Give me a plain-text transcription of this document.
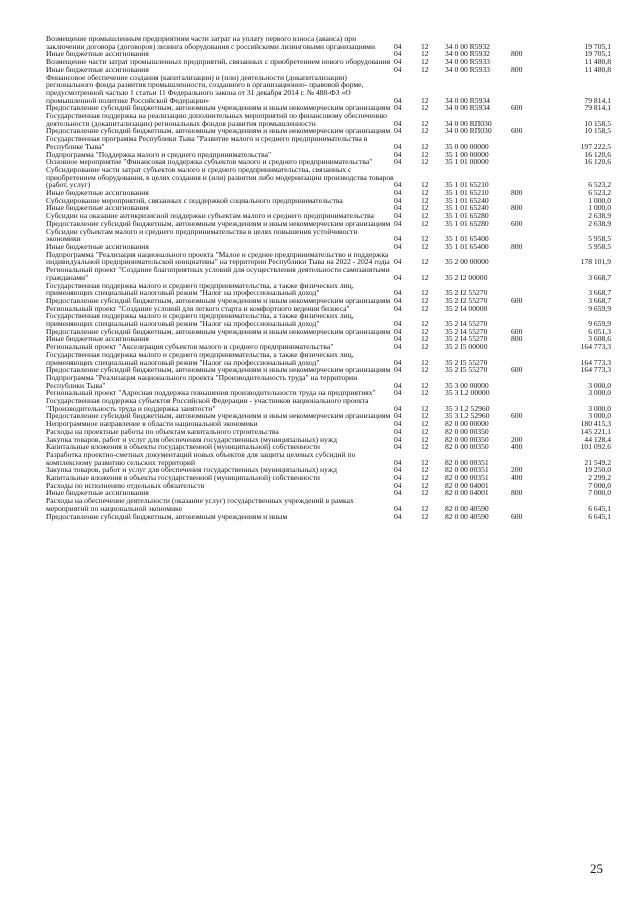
Возмещение промышленным предприятиям части затрат на уплату первого взноса (аванса) при заключении договора (договоров) лизинга оборудования с российскими лизинговыми организациями	04	12	34 0 00 R5932	19 705,1
Иные бюджетные ассигнования	04	12	34 0 00 R5932	800	19 705,1
Возмещение части затрат промышленных предприятий, связанных с приобретением нового оборудования 04	12	34 0 00 R5933	11 480,8
Иные бюджетные ассигнования	04	12	34 0 00 R5933	800	11 480,8
Финансовое обеспечение создания (капитализации) и (или) деятельности (докапитализации) регионального фонда развития промышленности, созданного в организационно- правовой форме, предусмотренной частью 1 статьи 11 Федерального закона от 31 декабря 2014 г. № 488-ФЗ «О промышленной политике Российской Федерации»	04	12	34 0 00 R5934	79 814,1
Предоставление субсидий бюджетным, автономным учреждениям и иным некоммерческим организациям 04	12	34 0 00 R5934	600	79 814,1
Государственная поддержка на реализацию дополнительных мероприятий по финансовому обеспечению деятельности (докапитализации) региональных фондов развития промышленности	04	12	34 0 00 RП030	10 158,5
Предоставление субсидий бюджетным, автономным учреждениям и иным некоммерческим организациям 04	12	34 0 00 RП030	600	10 158,5
Государственная программа Республики Тыва "Развитие малого и среднего предпринимательства в Республике Тыва"	04	12	35 0 00 00000	197 222,5
Подпрограмма "Поддержка малого и среднего предпринимательства"	04	12	35 1 00 00000	16 120,6
Основное мероприятие "Финансовая поддержка субъектов малого и среднего предпринимательства"	04	12	35 1 01 00000	16 120,6
Субсидирование части затрат субъектов малого и среднего предпринимательства, связанных с приобретением оборудования, в целях создания и (или) развития либо модернизации производства товаров (работ, услуг)	04	12	35 1 01 65210	6 523,2
Иные бюджетные ассигнования	04	12	35 1 01 65210	800	6 523,2
Субсидирование мероприятий, связанных с поддержкой социального предпринимательства	04	12	35 1 01 65240	1 000,0
Иные бюджетные ассигнования	04	12	35 1 01 65240	800	1 000,0
Субсидии на оказание антикризисной поддержки субъектам малого и среднего предпринимательства	04	12	35 1 01 65280	2 638,9
Предоставление субсидий бюджетным, автономным учреждениям и иным некоммерческим организациям 04	12	35 1 01 65280	600	2 638,9
Субсидии субъектам малого и среднего предпринимательства в целях повышения устойчивости экономики	04	12	35 1 01 65400	5 958,5
Иные бюджетные ассигнования	04	12	35 1 01 65400	800	5 958,5
Подпрограмма "Реализация национального проекта "Малое и среднее предпринимательство и поддержка индивидуальной предпринимательской инициативы" на территории Республики Тыва на 2022 - 2024 годы 04	12	35 2 00 00000	178 101,9
Региональный проект "Создание благоприятных условий для осуществления деятельности самозанятыми гражданами"	04	12	35 2 I2 00000	3 668,7
Государственная поддержка малого и среднего предпринимательства, а также физических лиц, применяющих специальный налоговый режим "Налог на профессиональный доход"	04	12	35 2 I2 55270	3 668,7
Предоставление субсидий бюджетным, автономным учреждениям и иным некоммерческим организациям 04	12	35 2 I2 55270	600	3 668,7
Региональный проект "Создание условий для легкого старта и комфортного ведения бизнеса"	04	12	35 2 I4 00000	9 659,9
Государственная поддержка малого и среднего предпринимательства, а также физических лиц, применяющих специальный налоговый режим "Налог на профессиональный доход"	04	12	35 2 I4 55270	9 659,9
Предоставление субсидий бюджетным, автономным учреждениям и иным некоммерческим организациям 04	12	35 2 I4 55270	600	6 051,3
Иные бюджетные ассигнования	04	12	35 2 I4 55270	800	3 608,6
Региональный проект "Акселерация субъектов малого и среднего предпринимательства"	04	12	35 2 I5 00000	164 773,3
Государственная поддержка малого и среднего предпринимательства, а также физических лиц, применяющих специальный налоговый режим "Налог на профессиональный доход"	04	12	35 2 I5 55270	164 773,3
Предоставление субсидий бюджетным, автономным учреждениям и иным некоммерческим организациям 04	12	35 2 I5 55270	600	164 773,3
Подпрограмма "Реализация национального проекта "Производительность труда" на территории Республики Тыва"	04	12	35 3 00 00000	3 000,0
Региональный проект "Адресная поддержка повышения производительности труда на предприятиях"	04	12	35 3 L2 00000	3 000,0
Государственная поддержка субъектов Российской Федерации - участников национального проекта "Производительность труда и поддержка занятости"	04	12	35 3 L2 52960	3 000,0
Предоставление субсидий бюджетным, автономным учреждениям и иным некоммерческим организациям 04	12	35 3 L2 52960	600	3 000,0
Непрограммное направление в области национальной экономики	04	12	82 0 00 00000	180 415,3
Расходы на проектные работы по объектам капитального строительства	04	12	82 0 00 00350	145 221,1
Закупка товаров, работ и услуг для обеспечения государственных (муниципальных) нужд	04	12	82 0 00 00350	200	44 128,4
Капитальные вложения в объекты государственной (муниципальной) собственности	04	12	82 0 00 00350	400	101 092,6
Разработка проектно-сметных документаций новых объектов для защиты целевых субсидий по комплексному развитию сельских территорий	04	12	82 0 00 00351	21 549,2
Закупка товаров, работ и услуг для обеспечения государственных (муниципальных) нужд	04	12	82 0 00 00351	200	19 250,0
Капитальные вложения в объекты государственной (муниципальной) собственности	04	12	82 0 00 00351	400	2 299,2
Расходы по исполнению отдельных обязательств	04	12	82 0 00 04001	7 000,0
Иные бюджетные ассигнования	04	12	82 0 00 04001	800	7 000,0
Расходы на обеспечение деятельности (оказание услуг) государственных учреждений в рамках мероприятий по национальной экономике	04	12	82 0 00 40590	6 645,1
Предоставление субсидий бюджетным, автономным учреждениям и иным	04	12	82 0 00 40590	600	6 645,1
25
